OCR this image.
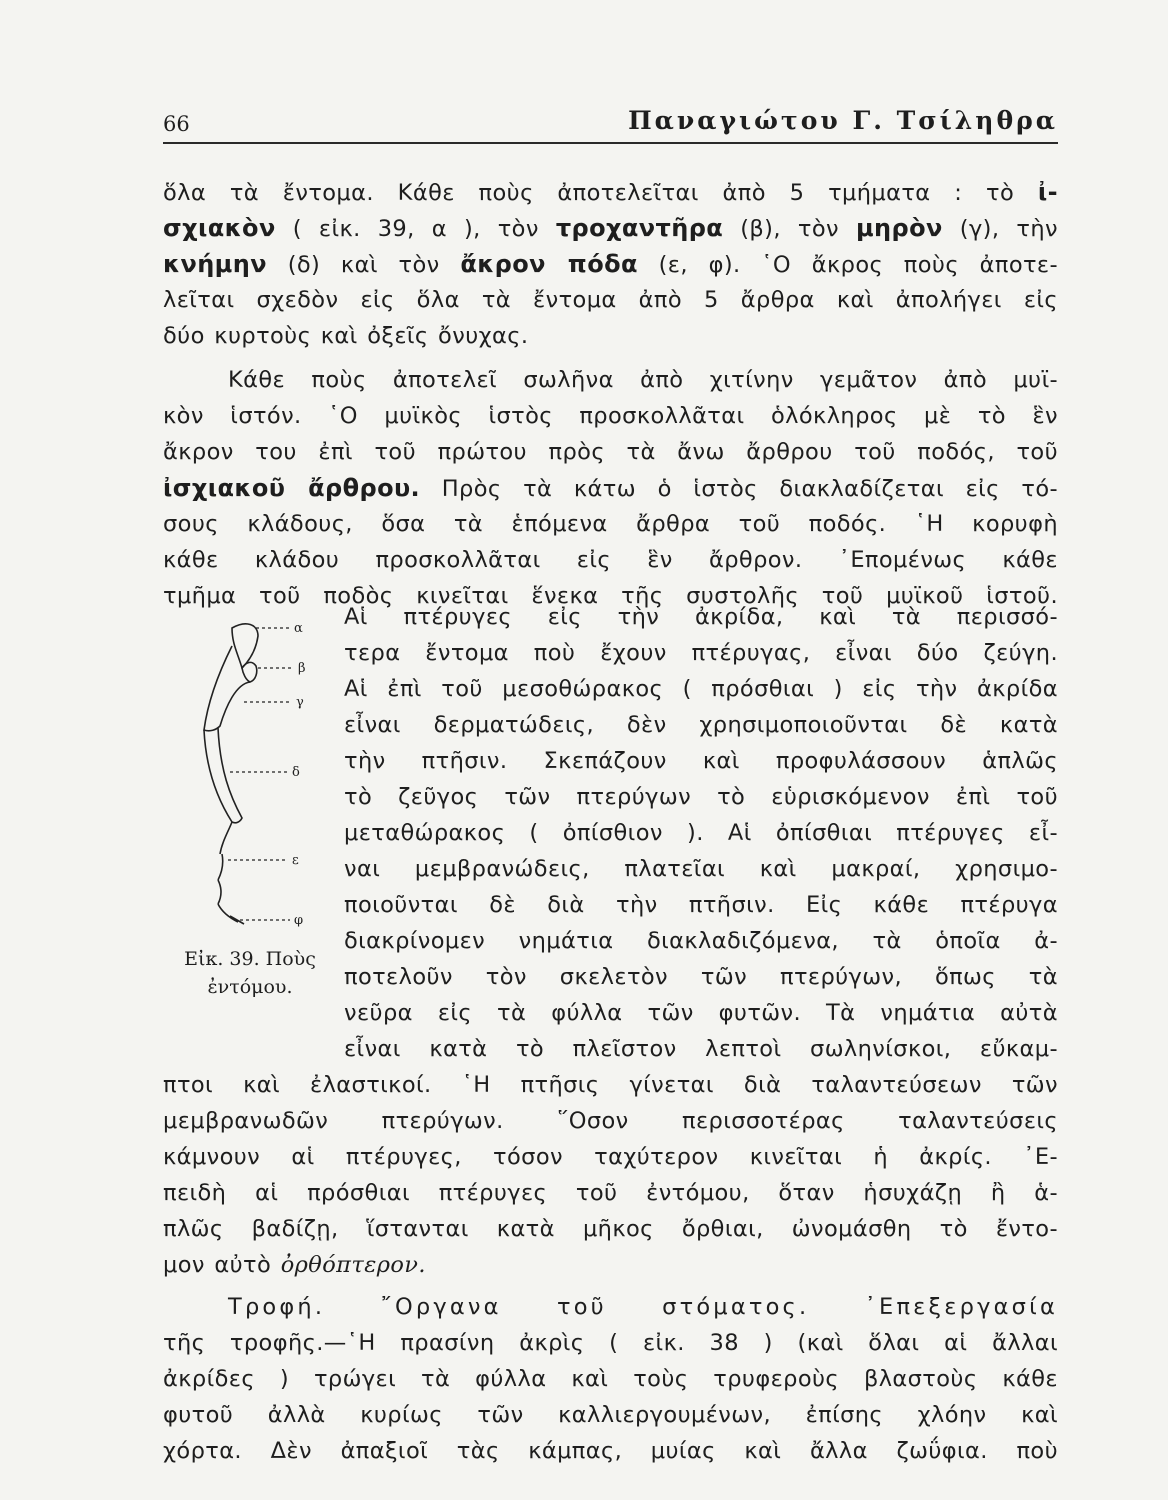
66	Παναγιώτου Γ. Τσίληθρα
ὅλα τὰ ἔντομα. Κάθε ποὺς ἀποτελεῖται ἀπὸ 5 τμήματα : τὸ ἰ-
σχιακὸν ( εἰκ. 39, α ), τὸν τροχαντῆρα (β), τὸν μηρὸν (γ), τὴν
κνήμην (δ) καὶ τὸν ἄκρον πόδα (ε, φ). ῾Ο ἄκρος ποὺς ἀποτε-
λεῖται σχεδὸν εἰς ὅλα τὰ ἔντομα ἀπὸ 5 ἄρθρα καὶ ἀπολήγει εἰς
δύο κυρτοὺς καὶ ὀξεῖς ὄνυχας.
Κάθε ποὺς ἀποτελεῖ σωλῆνα ἀπὸ χιτίνην γεμᾶτον ἀπὸ μυϊ-
κὸν ἱστόν. ῾Ο μυϊκὸς ἱστὸς προσκολλᾶται ὁλόκληρος μὲ τὸ ἓν
ἄκρον του ἐπὶ τοῦ πρώτου πρὸς τὰ ἄνω ἄρθρου τοῦ ποδός, τοῦ
ἰσχιακοῦ ἄρθρου. Πρὸς τὰ κάτω ὁ ἱστὸς διακλαδίζεται εἰς τό-
σους κλάδους, ὅσα τὰ ἑπόμενα ἄρθρα τοῦ ποδός. ῾Η κορυφὴ
κάθε κλάδου προσκολλᾶται εἰς ἓν ἄρθρον. ᾿Επομένως κάθε
τμῆμα τοῦ ποδὸς κινεῖται ἕνεκα τῆς συστολῆς τοῦ μυϊκοῦ ἱστοῦ.
Αἱ πτέρυγες εἰς τὴν ἀκρίδα, καὶ τὰ περισσό-
τερα ἔντομα ποὺ ἔχουν πτέρυγας, εἶναι δύο ζεύγη.
Αἱ ἐπὶ τοῦ μεσοθώρακος ( πρόσθιαι ) εἰς τὴν ἀκρίδα
εἶναι δερματώδεις, δὲν χρησιμοποιοῦνται δὲ κατὰ
τὴν πτῆσιν. Σκεπάζουν καὶ προφυλάσσουν ἁπλῶς
τὸ ζεῦγος τῶν πτερύγων τὸ εὑρισκόμενον ἐπὶ τοῦ
μεταθώρακος ( ὀπίσθιον ). Αἱ ὀπίσθιαι πτέρυγες εἶ-
ναι μεμβρανώδεις, πλατεῖαι καὶ μακραί, χρησιμο-
ποιοῦνται δὲ διὰ τὴν πτῆσιν. Εἰς κάθε πτέρυγα
διακρίνομεν νημάτια διακλαδιζόμενα, τὰ ὁποῖα ἀ-
ποτελοῦν τὸν σκελετὸν τῶν πτερύγων, ὅπως τὰ
νεῦρα εἰς τὰ φύλλα τῶν φυτῶν. Τὰ νημάτια αὐτὰ
εἶναι κατὰ τὸ πλεῖστον λεπτοὶ σωληνίσκοι, εὔκαμ-
πτοι καὶ ἐλαστικοί. ῾Η πτῆσις γίνεται διὰ ταλαντεύσεων τῶν
μεμβρανωδῶν πτερύγων. ῞Οσον περισσοτέρας ταλαντεύσεις
κάμνουν αἱ πτέρυγες, τόσον ταχύτερον κινεῖται ἡ ἀκρίς. ᾿Ε-
πειδὴ αἱ πρόσθιαι πτέρυγες τοῦ ἐντόμου, ὅταν ἡσυχάζῃ ἢ ἁ-
πλῶς βαδίζῃ, ἵστανται κατὰ μῆκος ὄρθιαι, ὠνομάσθη τὸ ἔντο-
μον αὐτὸ ὀρθόπτερον.
Τροφή. ῎Οργανα τοῦ στόματος. ᾿Επεξεργασία
τῆς τροφῆς.—῾Η πρασίνη ἀκρὶς ( εἰκ. 38 ) (καὶ ὅλαι αἱ ἄλλαι
ἀκρίδες ) τρώγει τὰ φύλλα καὶ τοὺς τρυφεροὺς βλαστοὺς κάθε
φυτοῦ ἀλλὰ κυρίως τῶν καλλιεργουμένων, ἐπίσης χλόην καὶ
χόρτα. Δὲν ἀπαξιοῖ τὰς κάμπας, μυίας καὶ ἄλλα ζωΰφια. ποὺ
α
β
γ
δ
ε
φ
Εἰκ. 39. Ποὺς
ἐντόμου.
